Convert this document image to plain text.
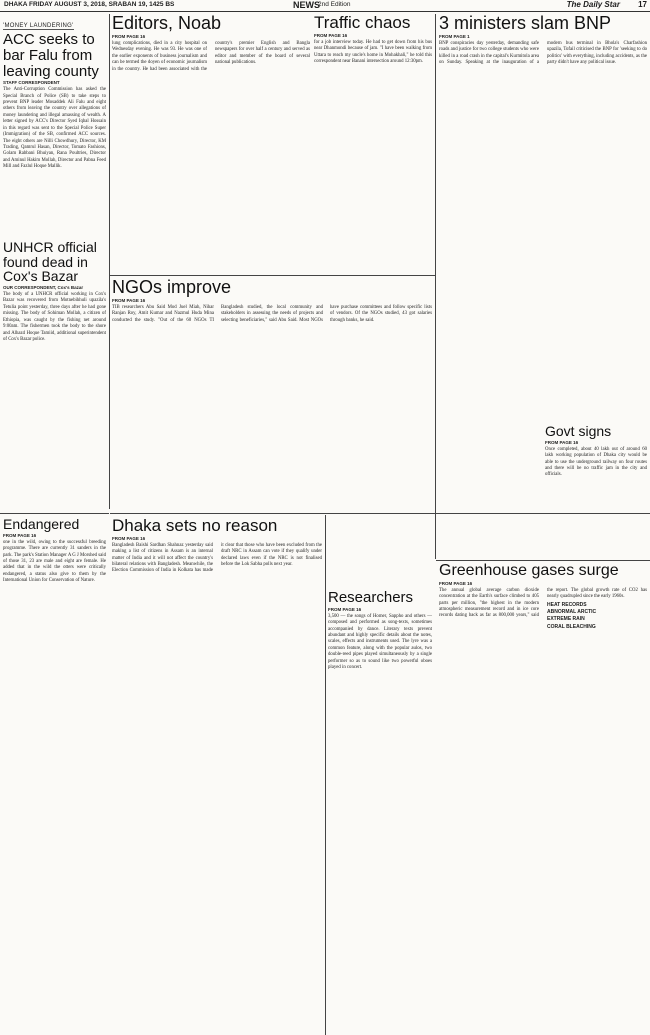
DHAKA FRIDAY AUGUST 3, 2018, SRABAN 19, 1425 BS	NEWS
2nd Edition	The Daily Star 17
'MONEY LAUNDERING'
ACC seeks to bar Falu from leaving county
STAFF CORRESPONDENT
The Anti-Corruption Commission has asked the Special Branch of Police (SB) to take steps to prevent BNP leader Mosaddek Ali Falu and eight others from leaving the country over allegations of money laundering and illegal amassing of wealth. A letter signed by ACC's Director Syed Iqbal Hossain in this regard was sent to the Special Police Super (Immigration) of the SB, confirmed ACC sources. The eight others are Nilli Chowdhury, Director, KM Trading, Qamrul Hasan, Director, Tomato Fashions, Golam Rabbani Bhuiyan, Rana Poultries, Director and Aminul Hakim Mollah, Director and Pabna Feed Mill and Fazlul Hoque Mallik.
UNHCR official found dead in Cox's Bazar
OUR CORRESPONDENT, Cox's Bazar
The body of a UNHCR official working in Cox's Bazar was recovered from Motnebihhuli upazila's Tetulia point yesterday, three days after he had gone missing. The body of Sohiman Mollah, a citizen of Ethiopia, was caught by the fishing net around 9:00am. The fishermen took the body to the shore and Alhazd Hoque Tamiid, additional superintendent of Cox's Bazar police.
Endangered
FROM PAGE 16
one in the wild, owing to the successful breeding programme. There are currently 31 sanders in the park. The park's Station Manager A G J Morshed said of those 31, 23 are male and eight are female. He added that in the wild the otters were critically endangered, a status also give to them by the International Union for Conservation of Nature.
Editors, Noab
FROM PAGE 16
lung complications, died in a city hospital on Wednesday evening. He was 93. He was one of the earlier exponents of business journalism and can be termed the doyen of economic journalism in the country. He had been associated with the country's premier English and Bangla newspapers for over half a century and served as editor and member of the board of several national publications.
Traffic chaos
FROM PAGE 16
for a job interview today. He had to get down from his bus near Dhanmondi because of jam. "I have been walking from Uttara to reach my uncle's home in Mohakhali," he told this correspondent near Banani intersection around 12:30pm.
3 ministers slam BNP
FROM PAGE 1
BNP conspiracies day yesterday, demanding safe roads and justice for two college students who were killed in a road crash in the capital's Kurmitola area on Sunday. Speaking at the inauguration of a modern bus terminal in Bhola's Charfashion upazila, Tofail criticised the BNP for 'seeking to do politics' with everything, including accidents, as the party didn't have any political issue.
Govt signs
FROM PAGE 16
Once completed, about 40 lakh out of around 60 lakh working population of Dhaka city would be able to use the underground railway on four routes and there will be no traffic jam in the city and officials.
NGOs improve
FROM PAGE 16
TIB researchers Abu Said Mod Juel Miah, Nihar Ranjan Roy, Amit Kumar and Nazmul Huda Mina conducted the study. "Out of the 60 NGOs TI Bangladesh studied, the local community and stakeholders in assessing the needs of projects and selecting beneficiaries," said Abu Said. Most NGOs have purchase committees and follow specific lists of vendors. Of the NGOs studied, 43 got salaries through banks, he said.
Dhaka sets no reason
FROM PAGE 16
Bangladesh Baishi Sardhan Shahnaz yesterday said making a list of citizens in Assam is an internal matter of India and it will not affect the country's bilateral relations with Bangladesh. Meanwhile, the Election Commission of India in Kolkata has made it clear that those who have been excluded from the draft NRC in Assam can vote if they qualify under declared laws even if the NRC is not finalised before the Lok Sabha polls next year.
Researchers
FROM PAGE 16
3,500 — the songs of Homer, Sappho and others — composed and performed as song-texts, sometimes accompanied by dance. Literary texts prevent abundant and highly specific details about the notes, scales, effects and instruments used. The lyre was a common feature, along with the popular aulos, two double-reed pipes played simultaneously by a single performer so as to sound like two powerful oboes played in concert.
Greenhouse gases surge
FROM PAGE 16
The annual global average carbon dioxide concentration at the Earth's surface climbed to 405 parts per million, "the highest in the modern atmospheric measurement record and in ice core records dating back as far as 800,000 years," said the report. The global growth rate of CO2 has nearly quadrupled since the early 1960s.
HEAT RECORDS
ABNORMAL ARCTIC
EXTREME RAIN
CORAL BLEACHING
